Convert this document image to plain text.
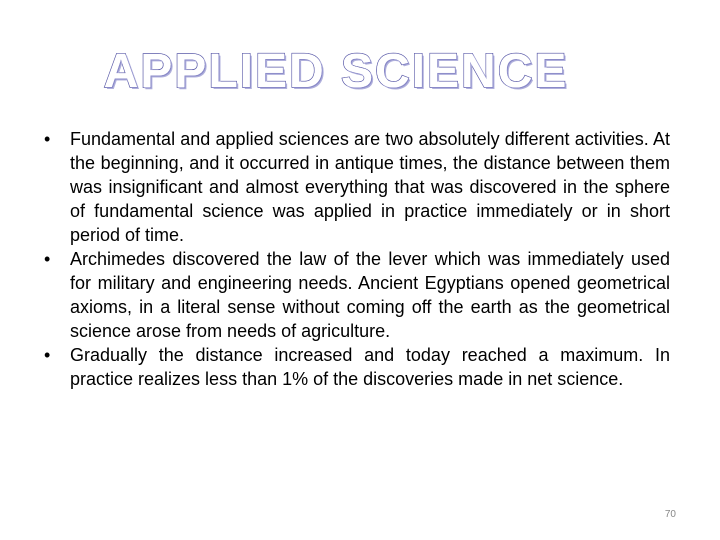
APPLIED SCIENCE
•	Fundamental and applied sciences are two absolutely different activities. At the beginning, and it occurred in antique times, the distance between them was insignificant and almost everything that was discovered in the sphere of fundamental science was applied in practice immediately or in short period of time.
•	Archimedes discovered the law of the lever which was immediately used for military and engineering needs. Ancient Egyptians opened geometrical axioms, in a literal sense without coming off the earth as the geometrical science arose from needs of agriculture.
•	Gradually the distance increased and today reached a maximum. In practice realizes less than 1% of the discoveries made in net science.
70
